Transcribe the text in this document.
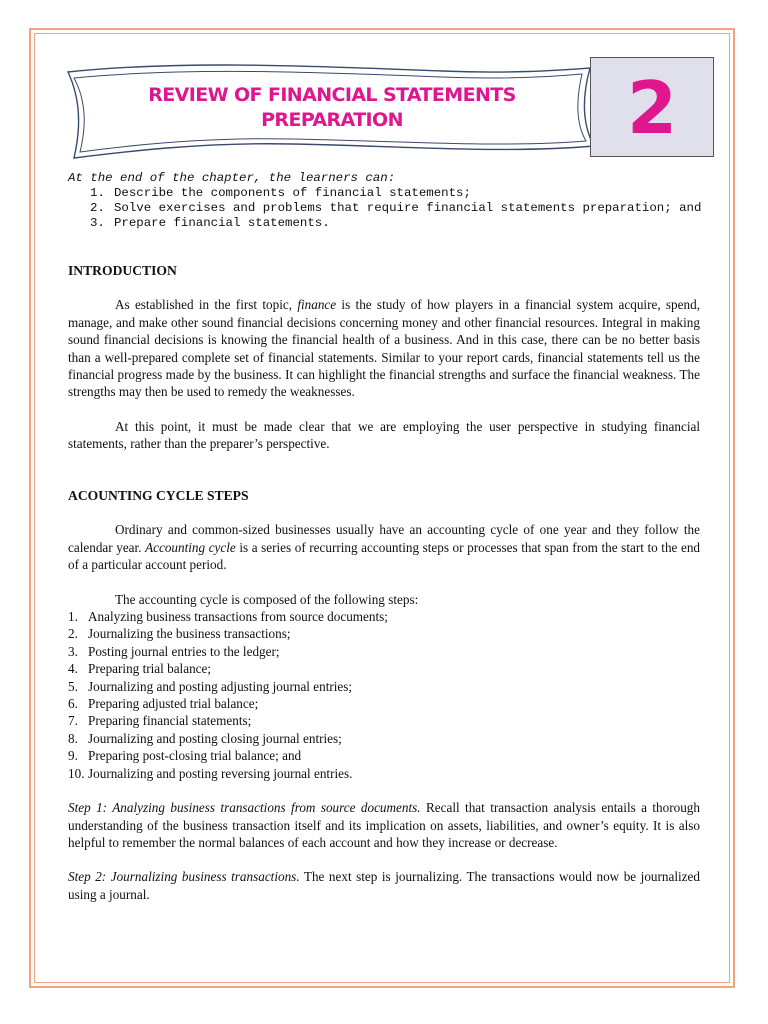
REVIEW OF FINANCIAL STATEMENTS
PREPARATION	2
At the end of the chapter, the learners can:
1. Describe the components of financial statements;
2. Solve exercises and problems that require financial statements preparation; and
3. Prepare financial statements.
INTRODUCTION
As established in the first topic, finance is the study of how players in a financial system acquire, spend, manage, and make other sound financial decisions concerning money and other financial resources. Integral in making sound financial decisions is knowing the financial health of a business. And in this case, there can be no better basis than a well-prepared complete set of financial statements. Similar to your report cards, financial statements tell us the financial progress made by the business. It can highlight the financial strengths and surface the financial weakness. The strengths may then be used to remedy the weaknesses.
At this point, it must be made clear that we are employing the user perspective in studying financial statements, rather than the preparer’s perspective.
ACOUNTING CYCLE STEPS
Ordinary and common-sized businesses usually have an accounting cycle of one year and they follow the calendar year. Accounting cycle is a series of recurring accounting steps or processes that span from the start to the end of a particular account period.
The accounting cycle is composed of the following steps:
1. Analyzing business transactions from source documents;
2. Journalizing the business transactions;
3. Posting journal entries to the ledger;
4. Preparing trial balance;
5. Journalizing and posting adjusting journal entries;
6. Preparing adjusted trial balance;
7. Preparing financial statements;
8. Journalizing and posting closing journal entries;
9. Preparing post-closing trial balance; and
10. Journalizing and posting reversing journal entries.
Step 1: Analyzing business transactions from source documents. Recall that transaction analysis entails a thorough understanding of the business transaction itself and its implication on assets, liabilities, and owner’s equity. It is also helpful to remember the normal balances of each account and how they increase or decrease.
Step 2: Journalizing business transactions. The next step is journalizing. The transactions would now be journalized using a journal.
